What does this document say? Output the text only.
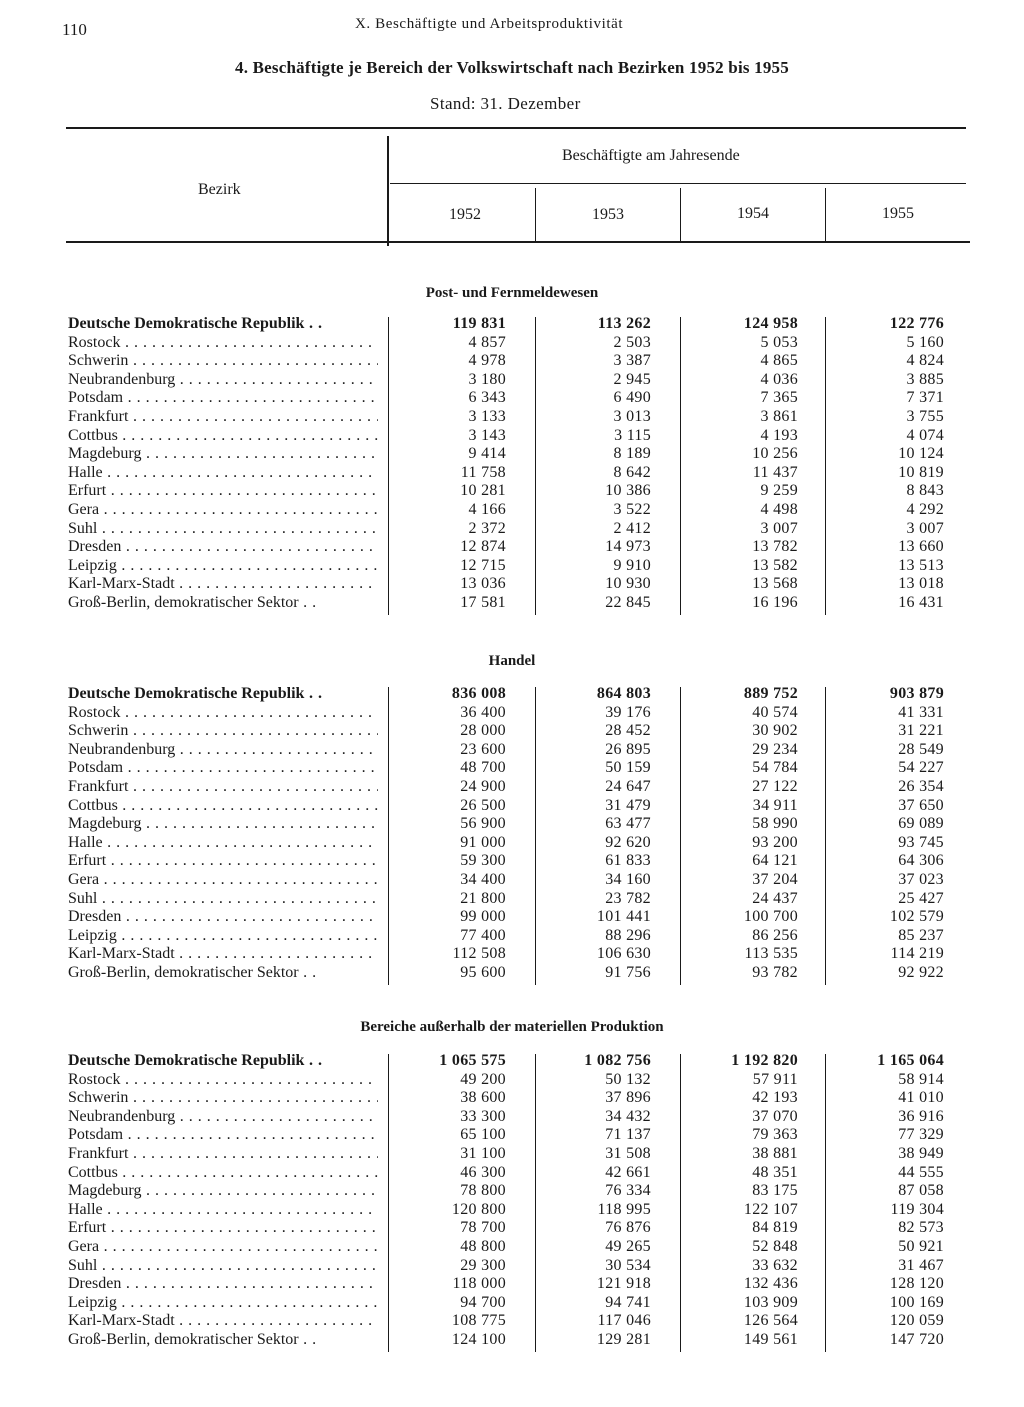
110	X. Beschäftigte und Arbeitsproduktivität
4. Beschäftigte je Bereich der Volkswirtschaft nach Bezirken 1952 bis 1955
Stand: 31. Dezember
Bezirk
Beschäftigte am Jahresende
1952	1953	1954	1955
Post- und Fernmeldewesen
Deutsche Demokratische Republik . .	119 831	113 262	124 958	122 776
Rostock . . .	4 857	2 503	5 053	5 160
Schwerin . . .	4 978	3 387	4 865	4 824
Neubrandenburg . . .	3 180	2 945	4 036	3 885
Potsdam . . .	6 343	6 490	7 365	7 371
Frankfurt . . .	3 133	3 013	3 861	3 755
Cottbus . . .	3 143	3 115	4 193	4 074
Magdeburg . . .	9 414	8 189	10 256	10 124
Halle . . .	11 758	8 642	11 437	10 819
Erfurt . . .	10 281	10 386	9 259	8 843
Gera . . .	4 166	3 522	4 498	4 292
Suhl . . .	2 372	2 412	3 007	3 007
Dresden . . .	12 874	14 973	13 782	13 660
Leipzig . . .	12 715	9 910	13 582	13 513
Karl-Marx-Stadt . . .	13 036	10 930	13 568	13 018
Groß-Berlin, demokratischer Sektor . .	17 581	22 845	16 196	16 431
Handel
Deutsche Demokratische Republik . .	836 008	864 803	889 752	903 879
Rostock . . .	36 400	39 176	40 574	41 331
Schwerin . . .	28 000	28 452	30 902	31 221
Neubrandenburg . . .	23 600	26 895	29 234	28 549
Potsdam . . .	48 700	50 159	54 784	54 227
Frankfurt . . .	24 900	24 647	27 122	26 354
Cottbus . . .	26 500	31 479	34 911	37 650
Magdeburg . . .	56 900	63 477	58 990	69 089
Halle . . .	91 000	92 620	93 200	93 745
Erfurt . . .	59 300	61 833	64 121	64 306
Gera . . .	34 400	34 160	37 204	37 023
Suhl . . .	21 800	23 782	24 437	25 427
Dresden . . .	99 000	101 441	100 700	102 579
Leipzig . . .	77 400	88 296	86 256	85 237
Karl-Marx-Stadt . . .	112 508	106 630	113 535	114 219
Groß-Berlin, demokratischer Sektor . .	95 600	91 756	93 782	92 922
Bereiche außerhalb der materiellen Produktion
Deutsche Demokratische Republik . .	1 065 575	1 082 756	1 192 820	1 165 064
Rostock . . .	49 200	50 132	57 911	58 914
Schwerin . . .	38 600	37 896	42 193	41 010
Neubrandenburg . . .	33 300	34 432	37 070	36 916
Potsdam . . .	65 100	71 137	79 363	77 329
Frankfurt . . .	31 100	31 508	38 881	38 949
Cottbus . . .	46 300	42 661	48 351	44 555
Magdeburg . . .	78 800	76 334	83 175	87 058
Halle . . .	120 800	118 995	122 107	119 304
Erfurt . . .	78 700	76 876	84 819	82 573
Gera . . .	48 800	49 265	52 848	50 921
Suhl . . .	29 300	30 534	33 632	31 467
Dresden . . .	118 000	121 918	132 436	128 120
Leipzig . . .	94 700	94 741	103 909	100 169
Karl-Marx-Stadt . . .	108 775	117 046	126 564	120 059
Groß-Berlin, demokratischer Sektor . .	124 100	129 281	149 561	147 720
